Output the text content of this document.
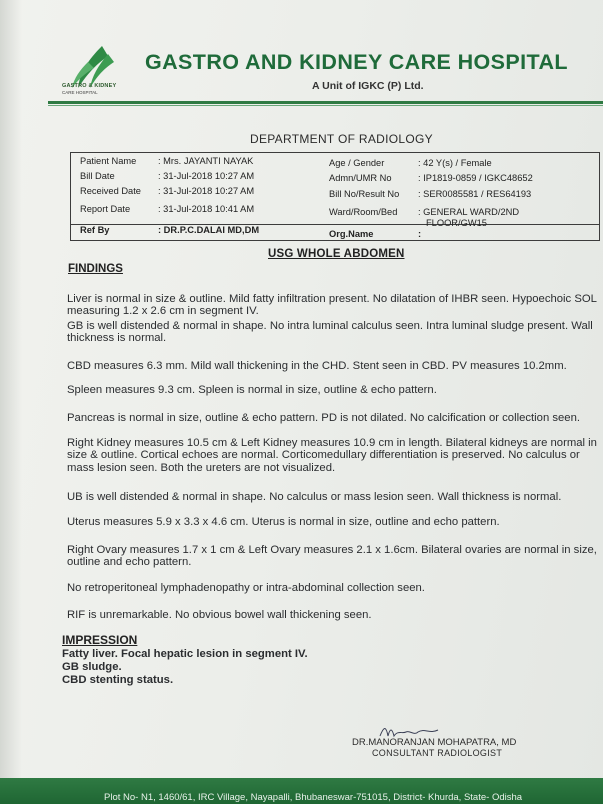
GASTRO & KIDNEY
CARE HOSPITAL
GASTRO AND KIDNEY CARE HOSPITAL
A Unit of IGKC (P) Ltd.
DEPARTMENT OF RADIOLOGY
Patient Name : Mrs. JAYANTI NAYAK
Bill Date	: 31-Jul-2018 10:27 AM
Received Date : 31-Jul-2018 10:27 AM
Report Date	: 31-Jul-2018 10:41 AM
Age / Gender	: 42 Y(s) / Female
Admn/UMR No	: IP1819-0859 / IGKC48652
Bill No/Result No : SER0085581 / RES64193
Ward/Room/Bed : GENERAL WARD/2ND
FLOOR/GW15
Ref By	: DR.P.C.DALAI MD,DM	Org.Name	:
USG WHOLE ABDOMEN
FINDINGS
Liver is normal in size & outline. Mild fatty infiltration present. No dilatation of IHBR seen. Hypoechoic SOL measuring 1.2 x 2.6 cm in segment IV.
GB is well distended & normal in shape. No intra luminal calculus seen. Intra luminal sludge present. Wall thickness is normal.
CBD measures 6.3 mm. Mild wall thickening in the CHD. Stent seen in CBD. PV measures 10.2mm.
Spleen measures 9.3 cm. Spleen is normal in size, outline & echo pattern.
Pancreas is normal in size, outline & echo pattern. PD is not dilated. No calcification or collection seen.
Right Kidney measures 10.5 cm & Left Kidney measures 10.9 cm in length. Bilateral kidneys are normal in size & outline. Cortical echoes are normal. Corticomedullary differentiation is preserved. No calculus or mass lesion seen. Both the ureters are not visualized.
UB is well distended & normal in shape. No calculus or mass lesion seen. Wall thickness is normal.
Uterus measures 5.9 x 3.3 x 4.6 cm. Uterus is normal in size, outline and echo pattern.
Right Ovary measures 1.7 x 1 cm & Left Ovary measures 2.1 x 1.6cm. Bilateral ovaries are normal in size, outline and echo pattern.
No retroperitoneal lymphadenopathy or intra-abdominal collection seen.
RIF is unremarkable. No obvious bowel wall thickening seen.
IMPRESSION
Fatty liver. Focal hepatic lesion in segment IV.
GB sludge.
CBD stenting status.
DR.MANORANJAN MOHAPATRA, MD
CONSULTANT RADIOLOGIST
Plot No- N1, 1460/61, IRC Village, Nayapalli, Bhubaneswar-751015, District- Khurda, State- Odisha
